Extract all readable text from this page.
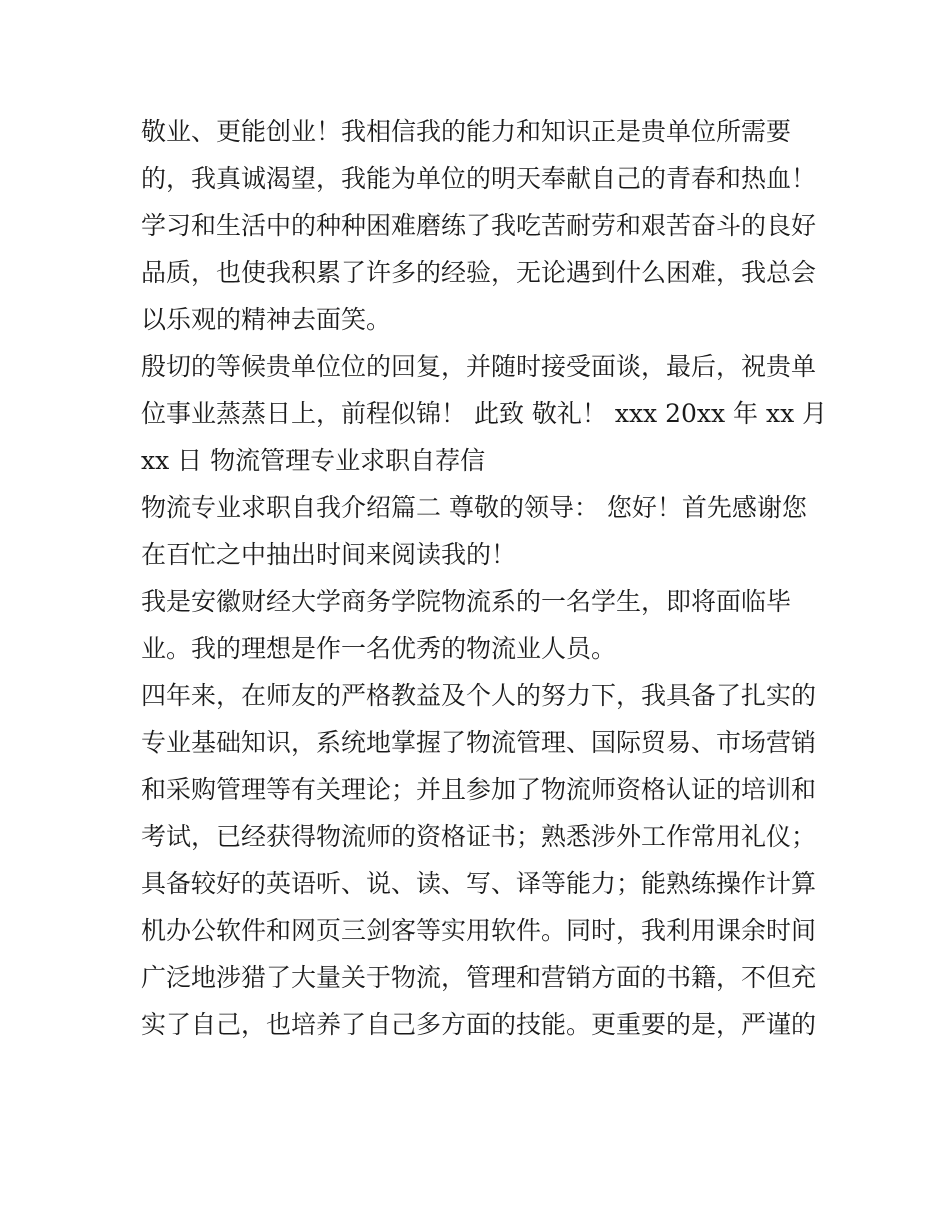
敬业、更能创业！我相信我的能力和知识正是贵单位所需要
的，我真诚渴望，我能为单位的明天奉献自己的青春和热血！
学习和生活中的种种困难磨练了我吃苦耐劳和艰苦奋斗的良好
品质，也使我积累了许多的经验，无论遇到什么困难，我总会
以乐观的精神去面笑。
殷切的等候贵单位位的回复，并随时接受面谈，最后，祝贵单
位事业蒸蒸日上，前程似锦！ 此致 敬礼！ xxx 20xx 年 xx 月
xx 日 物流管理专业求职自荐信
物流专业求职自我介绍篇二 尊敬的领导： 您好！首先感谢您
在百忙之中抽出时间来阅读我的！
我是安徽财经大学商务学院物流系的一名学生，即将面临毕
业。我的理想是作一名优秀的物流业人员。
四年来，在师友的严格教益及个人的努力下，我具备了扎实的
专业基础知识，系统地掌握了物流管理、国际贸易、市场营销
和采购管理等有关理论；并且参加了物流师资格认证的培训和
考试，已经获得物流师的资格证书；熟悉涉外工作常用礼仪；
具备较好的英语听、说、读、写、译等能力；能熟练操作计算
机办公软件和网页三剑客等实用软件。同时，我利用课余时间
广泛地涉猎了大量关于物流，管理和营销方面的书籍，不但充
实了自己，也培养了自己多方面的技能。更重要的是，严谨的
